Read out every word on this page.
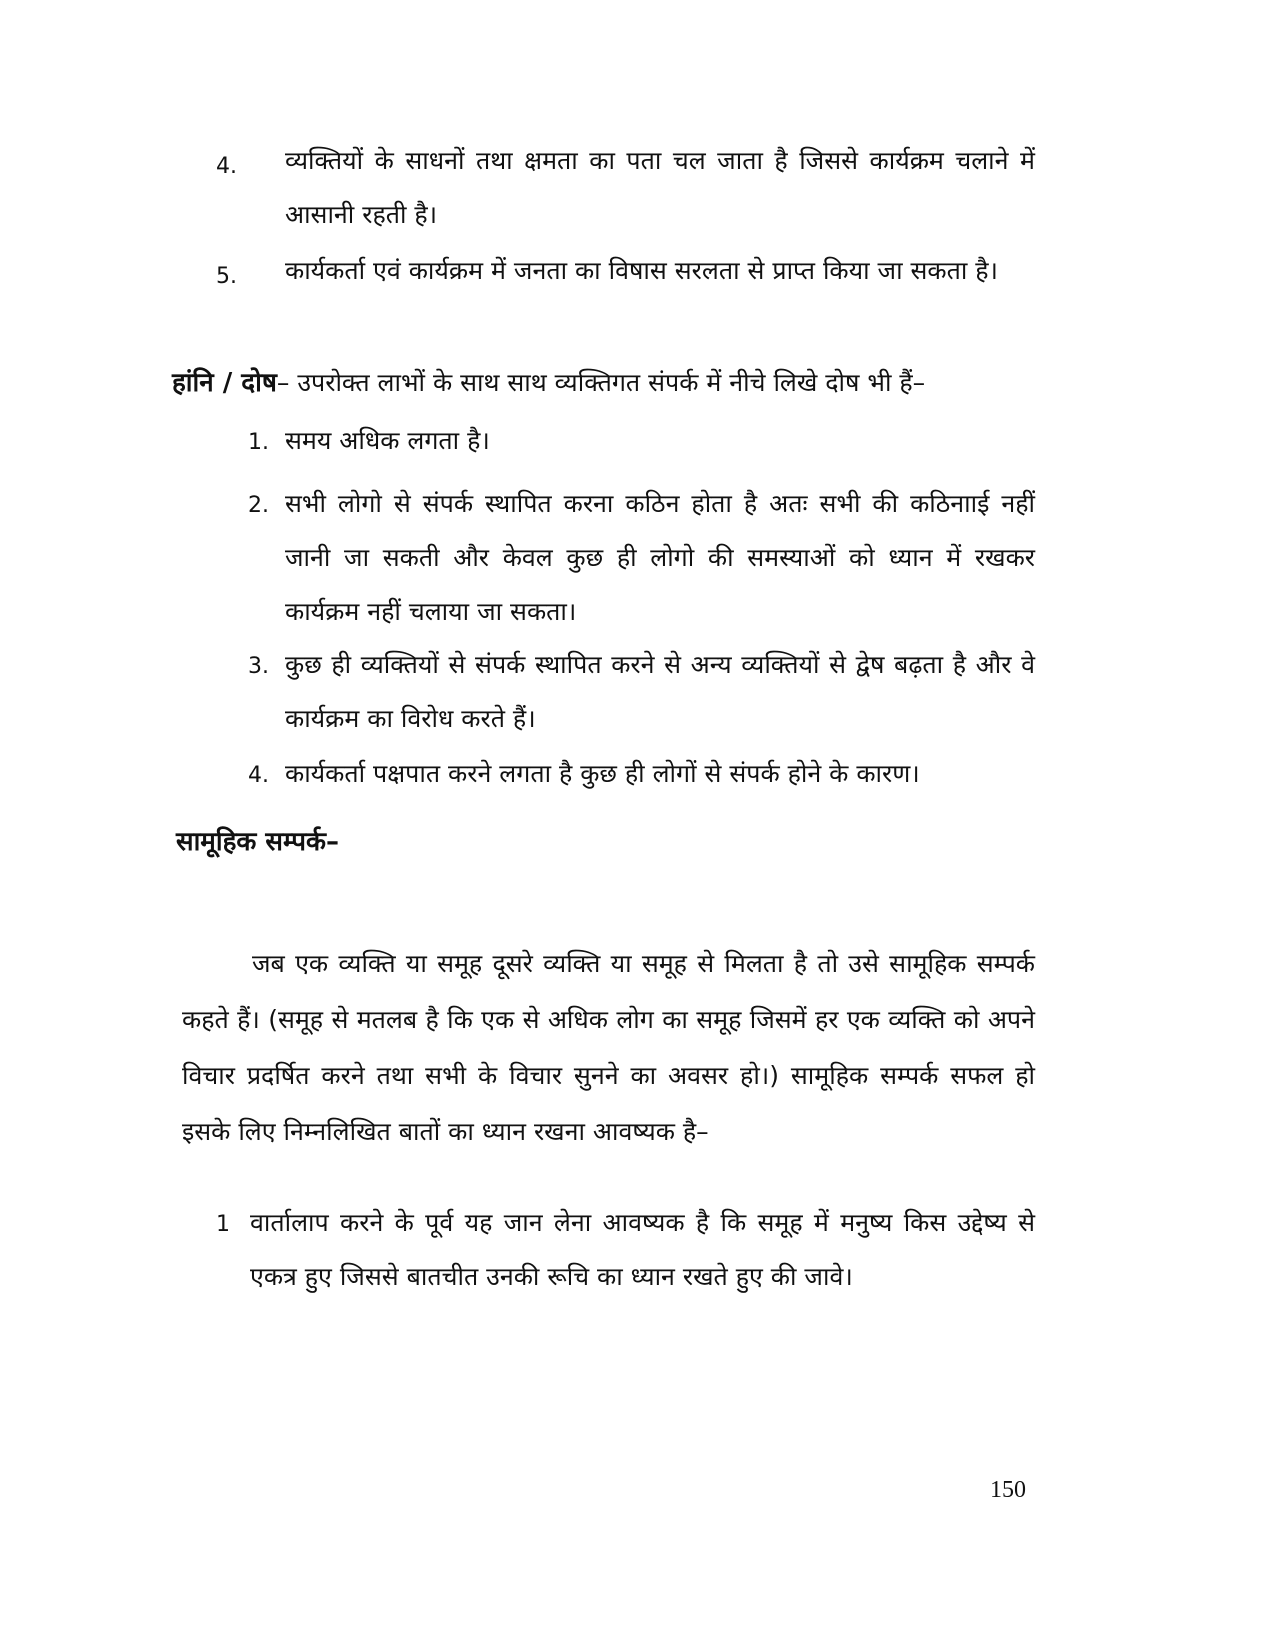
4. व्यक्तियों के साधनों तथा क्षमता का पता चल जाता है जिससे कार्यक्रम चलाने में आसानी रहती है।
5. कार्यकर्ता एवं कार्यक्रम में जनता का विषास सरलता से प्राप्त किया जा सकता है।
हांनि / दोष– उपरोक्त लाभों के साथ साथ व्यक्तिगत संपर्क में नीचे लिखे दोष भी हैं–
1. समय अधिक लगता है।
2. सभी लोगो से संपर्क स्थापित करना कठिन होता है अतः सभी की कठिनााई नहीं जानी जा सकती और केवल कुछ ही लोगो की समस्याओं को ध्यान में रखकर कार्यक्रम नहीं चलाया जा सकता।
3. कुछ ही व्यक्तियों से संपर्क स्थापित करने से अन्य व्यक्तियों से द्वेष बढ़ता है और वे कार्यक्रम का विरोध करते हैं।
4. कार्यकर्ता पक्षपात करने लगता है कुछ ही लोगों से संपर्क होने के कारण।
सामूहिक सम्पर्क–
जब एक व्यक्ति या समूह दूसरे व्यक्ति या समूह से मिलता है तो उसे सामूहिक सम्पर्क कहते हैं। (समूह से मतलब है कि एक से अधिक लोग का समूह जिसमें हर एक व्यक्ति को अपने विचार प्रदर्षित करने तथा सभी के विचार सुनने का अवसर हो।) सामूहिक सम्पर्क सफल हो इसके लिए निम्नलिखित बातों का ध्यान रखना आवष्यक है–
1 वार्तालाप करने के पूर्व यह जान लेना आवष्यक है कि समूह में मनुष्य किस उद्देष्य से एकत्र हुए जिससे बातचीत उनकी रूचि का ध्यान रखते हुए की जावे।
150
